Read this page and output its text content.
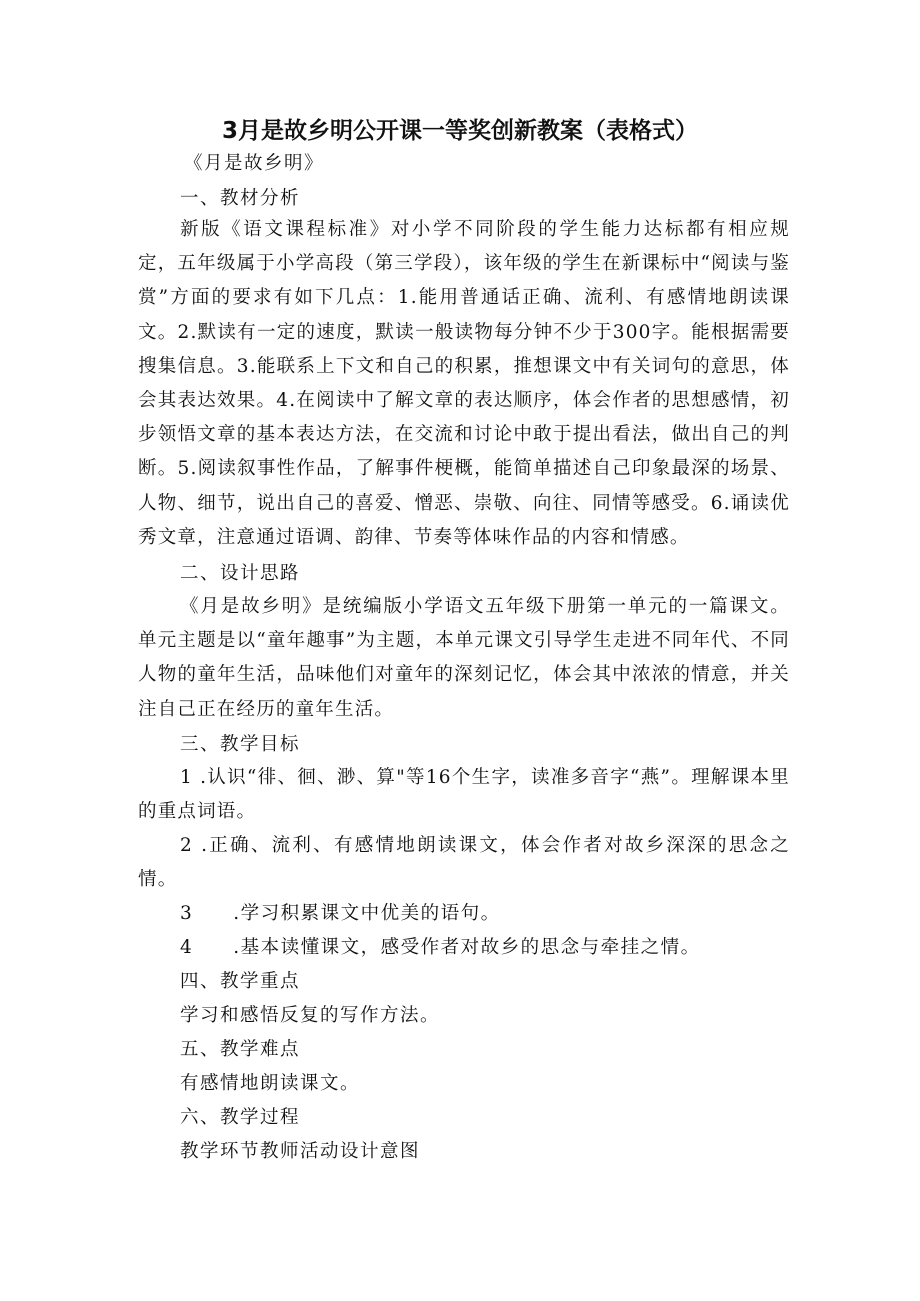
3月是故乡明公开课一等奖创新教案（表格式）
《月是故乡明》
一、教材分析
新版《语文课程标准》对小学不同阶段的学生能力达标都有相应规定，五年级属于小学高段（第三学段），该年级的学生在新课标中“阅读与鉴赏”方面的要求有如下几点：1.能用普通话正确、流利、有感情地朗读课文。2.默读有一定的速度，默读一般读物每分钟不少于300字。能根据需要搜集信息。3.能联系上下文和自己的积累，推想课文中有关词句的意思，体会其表达效果。4.在阅读中了解文章的表达顺序，体会作者的思想感情，初步领悟文章的基本表达方法，在交流和讨论中敢于提出看法，做出自己的判断。5.阅读叙事性作品，了解事件梗概，能简单描述自己印象最深的场景、人物、细节，说出自己的喜爱、憎恶、崇敬、向往、同情等感受。6.诵读优秀文章，注意通过语调、韵律、节奏等体味作品的内容和情感。
二、设计思路
《月是故乡明》是统编版小学语文五年级下册第一单元的一篇课文。单元主题是以“童年趣事”为主题，本单元课文引导学生走进不同年代、不同人物的童年生活，品味他们对童年的深刻记忆，体会其中浓浓的情意，并关注自己正在经历的童年生活。
三、教学目标
1 .认识“徘、徊、渺、算"等16个生字，读准多音字“燕”。理解课本里的重点词语。
2 .正确、流利、有感情地朗读课文，体会作者对故乡深深的思念之情。
3　　.学习积累课文中优美的语句。
4　　.基本读懂课文，感受作者对故乡的思念与牵挂之情。
四、教学重点
学习和感悟反复的写作方法。
五、教学难点
有感情地朗读课文。
六、教学过程
教学环节教师活动设计意图
